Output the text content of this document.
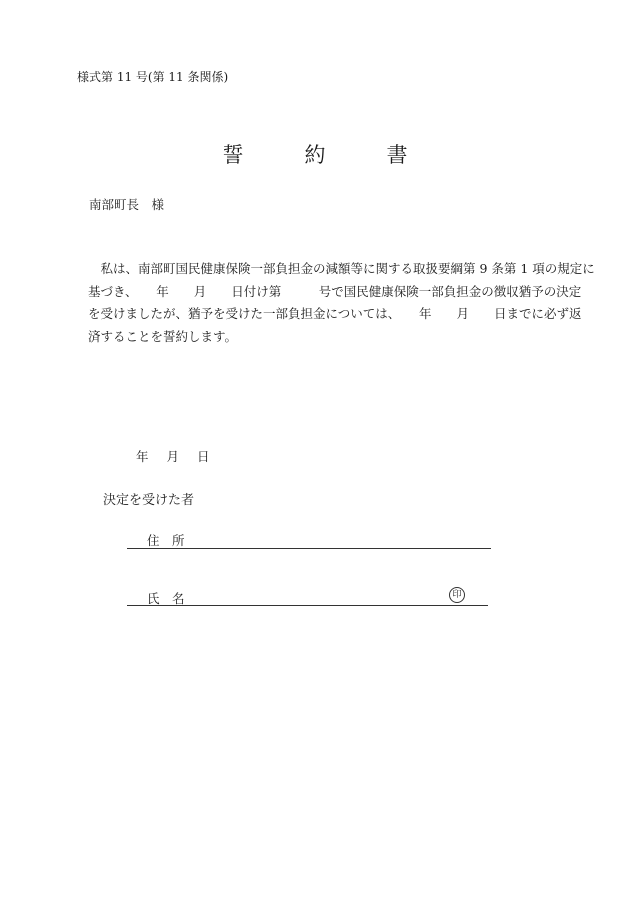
様式第 11 号(第 11 条関係)
誓　約　書
南部町長　様
　私は、南部町国民健康保険一部負担金の減額等に関する取扱要綱第 9 条第 1 項の規定に
基づき、　　年　　月　　日付け第　　　号で国民健康保険一部負担金の徴収猶予の決定
を受けましたが、猶予を受けた一部負担金については、　　年　　月　　日までに必ず返
済することを誓約します。
年 月 日
決定を受けた者
住　所
氏　名	印
